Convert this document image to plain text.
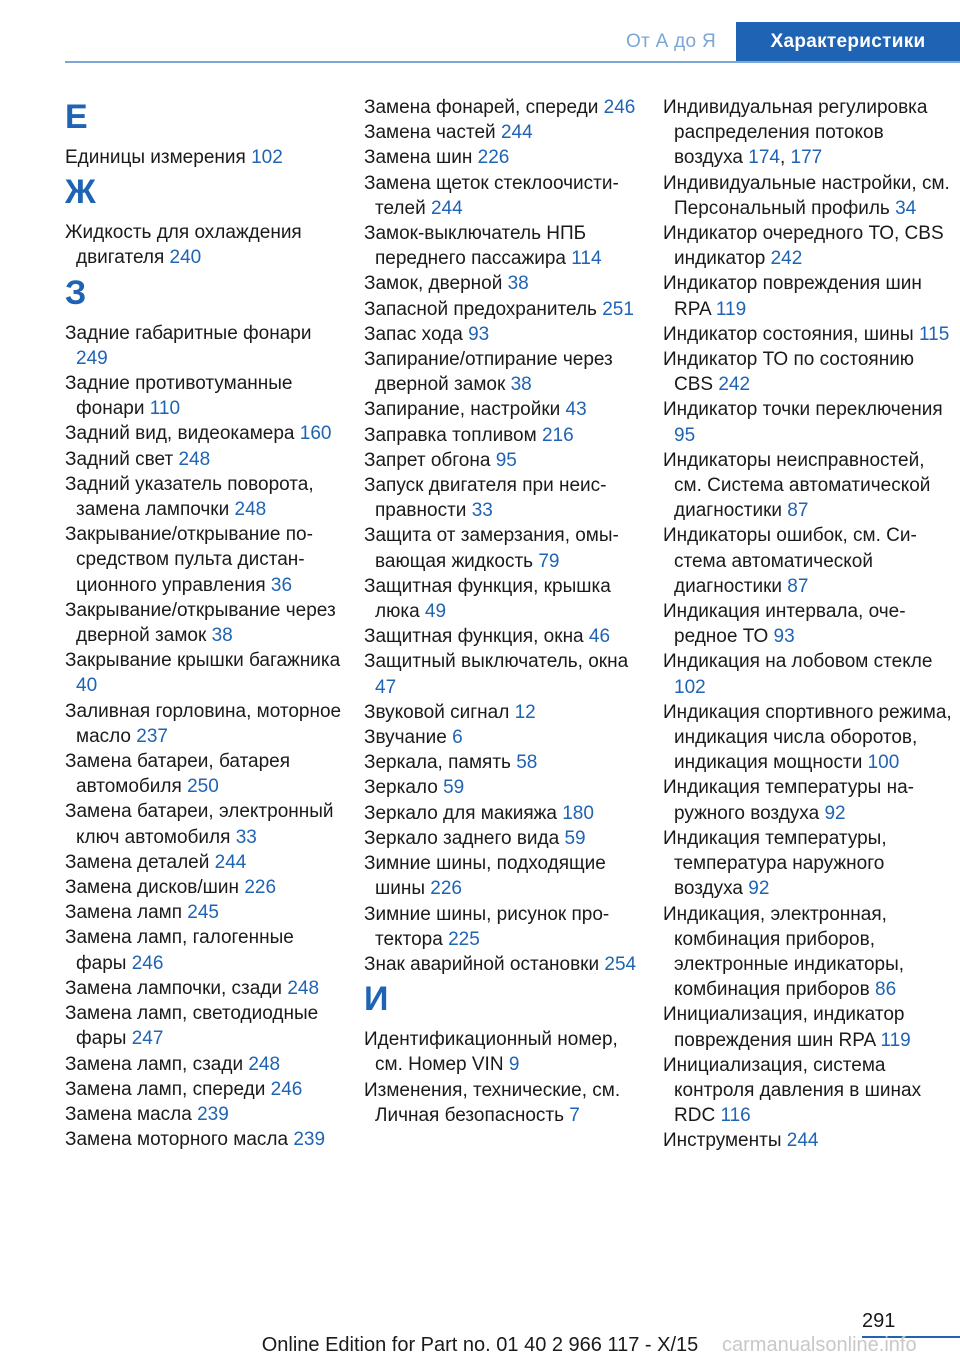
От А до Я	Характеристики
Е
Единицы измерения 102
Ж
Жидкость для охлаждения двигателя 240
З
Задние габаритные фонари 249
Задние противотуманные фонари 110
Задний вид, видеокамера 160
Задний свет 248
Задний указатель поворота, замена лампочки 248
Закрывание/открывание посредством пульта дистанционного управления 36
Закрывание/открывание через дверной замок 38
Закрывание крышки багажника 40
Заливная горловина, моторное масло 237
Замена батареи, батарея автомобиля 250
Замена батареи, электронный ключ автомобиля 33
Замена деталей 244
Замена дисков/шин 226
Замена ламп 245
Замена ламп, галогенные фары 246
Замена лампочки, сзади 248
Замена ламп, светодиодные фары 247
Замена ламп, сзади 248
Замена ламп, спереди 246
Замена масла 239
Замена моторного масла 239
Замена фонарей, спереди 246
Замена частей 244
Замена шин 226
Замена щеток стеклоочистителей 244
Замок-выключатель НПБ переднего пассажира 114
Замок, дверной 38
Запасной предохранитель 251
Запас хода 93
Запирание/отпирание через дверной замок 38
Запирание, настройки 43
Заправка топливом 216
Запрет обгона 95
Запуск двигателя при неисправности 33
Защита от замерзания, омывающая жидкость 79
Защитная функция, крышка люка 49
Защитная функция, окна 46
Защитный выключатель, окна 47
Звуковой сигнал 12
Звучание 6
Зеркала, память 58
Зеркало 59
Зеркало для макияжа 180
Зеркало заднего вида 59
Зимние шины, подходящие шины 226
Зимние шины, рисунок протектора 225
Знак аварийной остановки 254
И
Идентификационный номер, см. Номер VIN 9
Изменения, технические, см. Личная безопасность 7
Индивидуальная регулировка распределения потоков воздуха 174, 177
Индивидуальные настройки, см. Персональный профиль 34
Индикатор очередного ТО, CBS индикатор 242
Индикатор повреждения шин RPA 119
Индикатор состояния, шины 115
Индикатор ТО по состоянию CBS 242
Индикатор точки переключения 95
Индикаторы неисправностей, см. Система автоматической диагностики 87
Индикаторы ошибок, см. Система автоматической диагностики 87
Индикация интервала, очередное ТО 93
Индикация на лобовом стекле 102
Индикация спортивного режима, индикация числа оборотов, индикация мощности 100
Индикация температуры наружного воздуха 92
Индикация температуры, температура наружного воздуха 92
Индикация, электронная, комбинация приборов, электронные индикаторы, комбинация приборов 86
Инициализация, индикатор повреждения шин RPA 119
Инициализация, система контроля давления в шинах RDC 116
Инструменты 244
291
Online Edition for Part no. 01 40 2 966 117 - X/15	carmanualsonline.info
